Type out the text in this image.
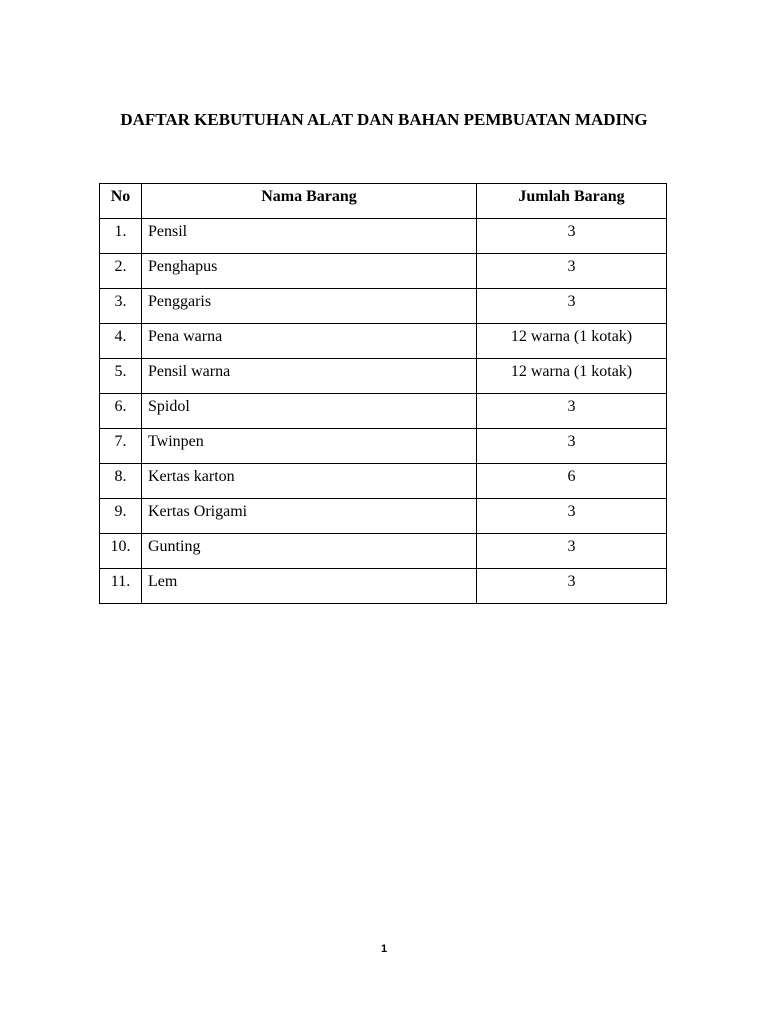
DAFTAR KEBUTUHAN ALAT DAN BAHAN PEMBUATAN MADING
No	Nama Barang	Jumlah Barang
1.	Pensil	3
2.	Penghapus	3
3.	Penggaris	3
4.	Pena warna	12 warna (1 kotak)
5.	Pensil warna	12 warna (1 kotak)
6.	Spidol	3
7.	Twinpen	3
8.	Kertas karton	6
9.	Kertas Origami	3
10.	Gunting	3
11.	Lem	3
1
